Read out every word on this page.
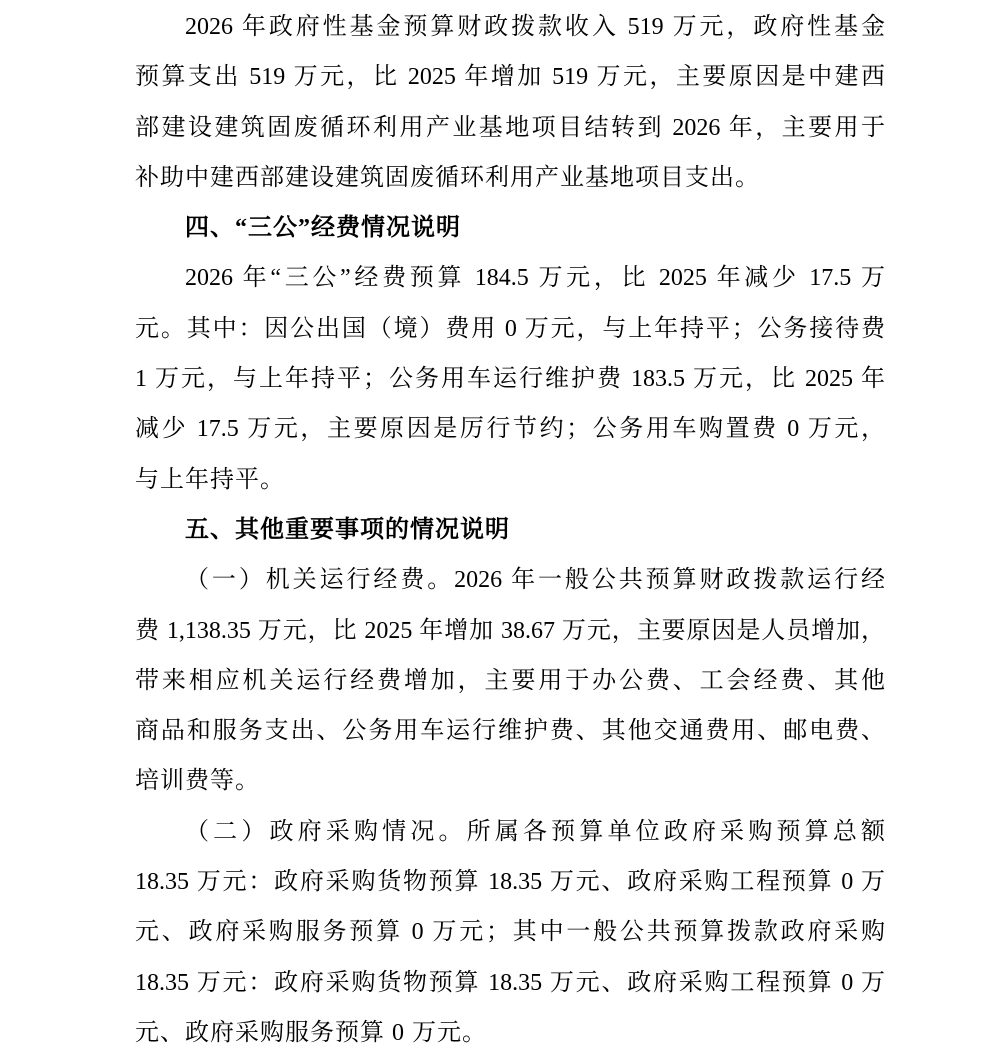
2026 年政府性基金预算财政拨款收入 519 万元，政府性基金
预算支出 519 万元，比 2025 年增加 519 万元，主要原因是中建西
部建设建筑固废循环利用产业基地项目结转到 2026 年，主要用于
补助中建西部建设建筑固废循环利用产业基地项目支出。
四、“三公”经费情况说明
2026 年“三公”经费预算 184.5 万元，比 2025 年减少 17.5 万
元。其中：因公出国（境）费用 0 万元，与上年持平；公务接待费
1 万元，与上年持平；公务用车运行维护费 183.5 万元，比 2025 年
减少 17.5 万元，主要原因是厉行节约；公务用车购置费 0 万元，
与上年持平。
五、其他重要事项的情况说明
（一）机关运行经费。2026 年一般公共预算财政拨款运行经
费 1,138.35 万元，比 2025 年增加 38.67 万元，主要原因是人员增加，
带来相应机关运行经费增加，主要用于办公费、工会经费、其他
商品和服务支出、公务用车运行维护费、其他交通费用、邮电费、
培训费等。
（二）政府采购情况。所属各预算单位政府采购预算总额
18.35 万元：政府采购货物预算 18.35 万元、政府采购工程预算 0 万
元、政府采购服务预算 0 万元；其中一般公共预算拨款政府采购
18.35 万元：政府采购货物预算 18.35 万元、政府采购工程预算 0 万
元、政府采购服务预算 0 万元。
